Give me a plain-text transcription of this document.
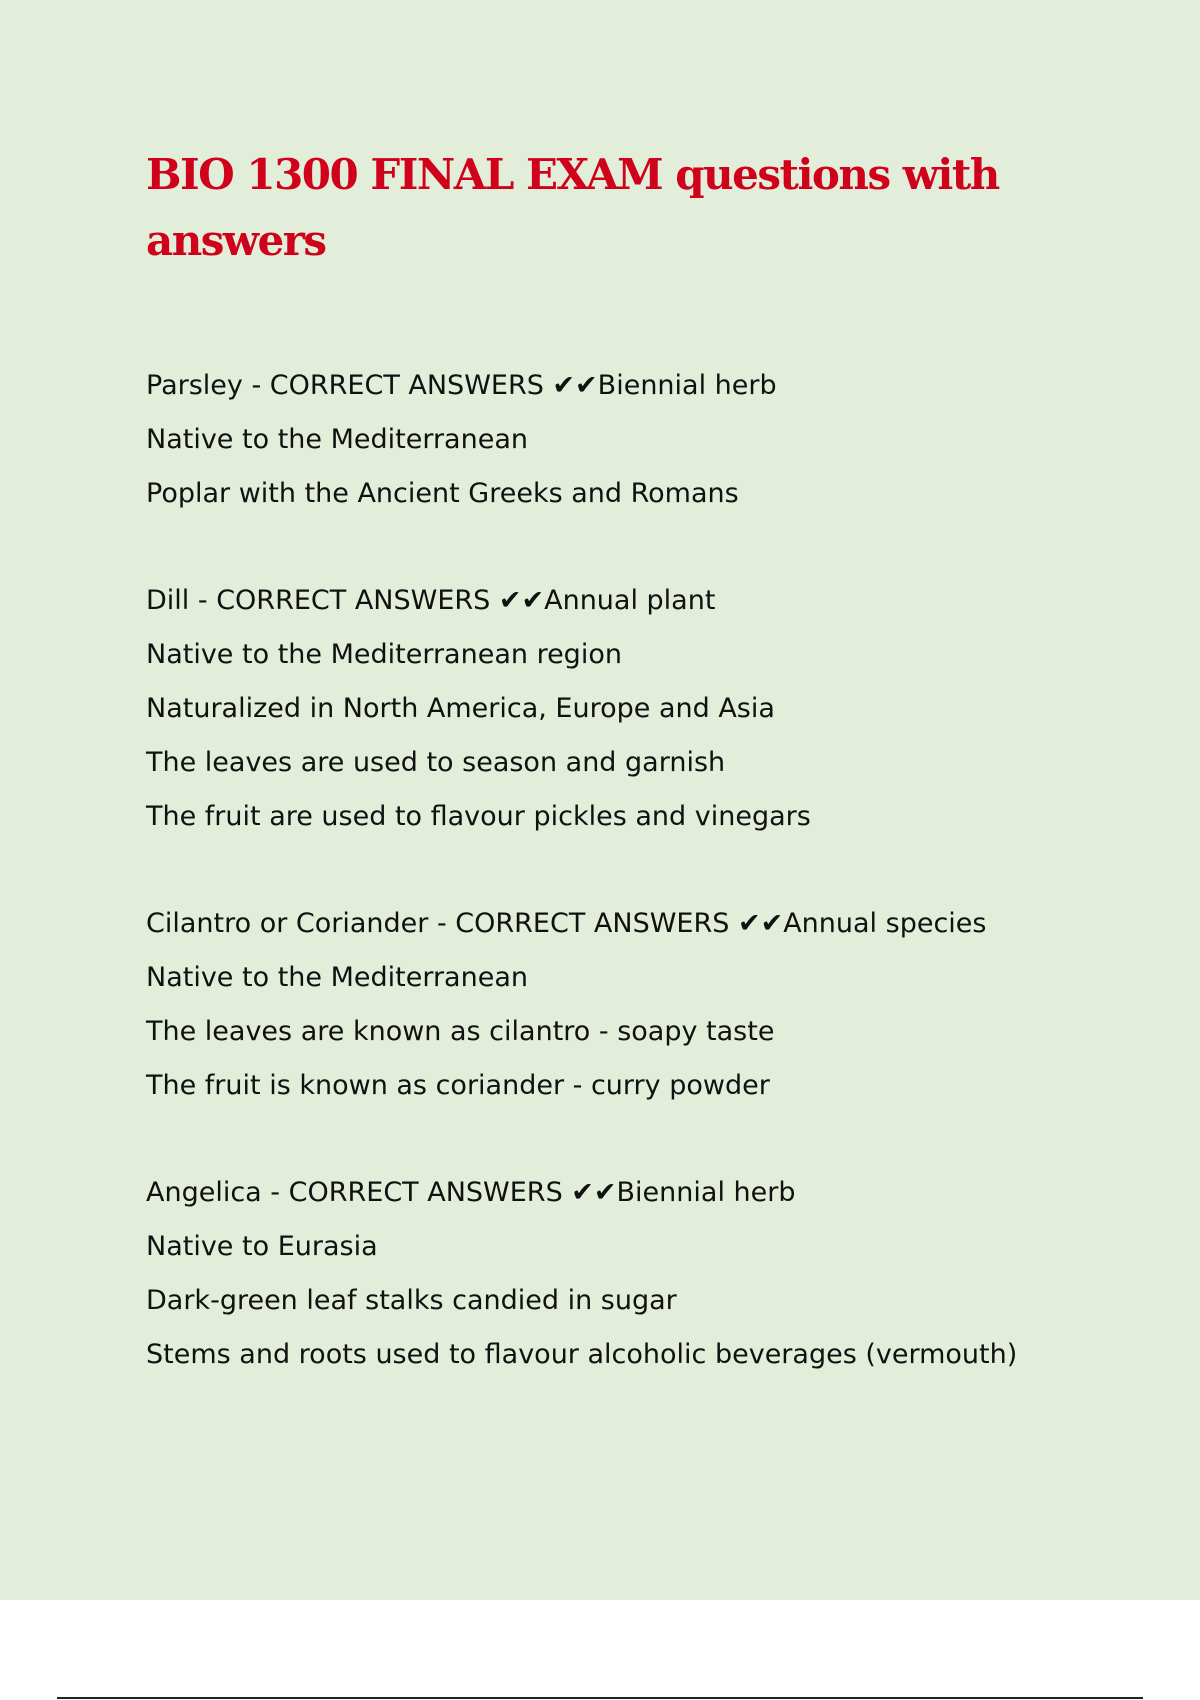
BIO 1300 FINAL EXAM questions with answers
Parsley - CORRECT ANSWERS ✔✔Biennial herb
Native to the Mediterranean
Poplar with the Ancient Greeks and Romans
Dill - CORRECT ANSWERS ✔✔Annual plant
Native to the Mediterranean region
Naturalized in North America, Europe and Asia
The leaves are used to season and garnish
The fruit are used to flavour pickles and vinegars
Cilantro or Coriander - CORRECT ANSWERS ✔✔Annual species
Native to the Mediterranean
The leaves are known as cilantro - soapy taste
The fruit is known as coriander - curry powder
Angelica - CORRECT ANSWERS ✔✔Biennial herb
Native to Eurasia
Dark-green leaf stalks candied in sugar
Stems and roots used to flavour alcoholic beverages (vermouth)
